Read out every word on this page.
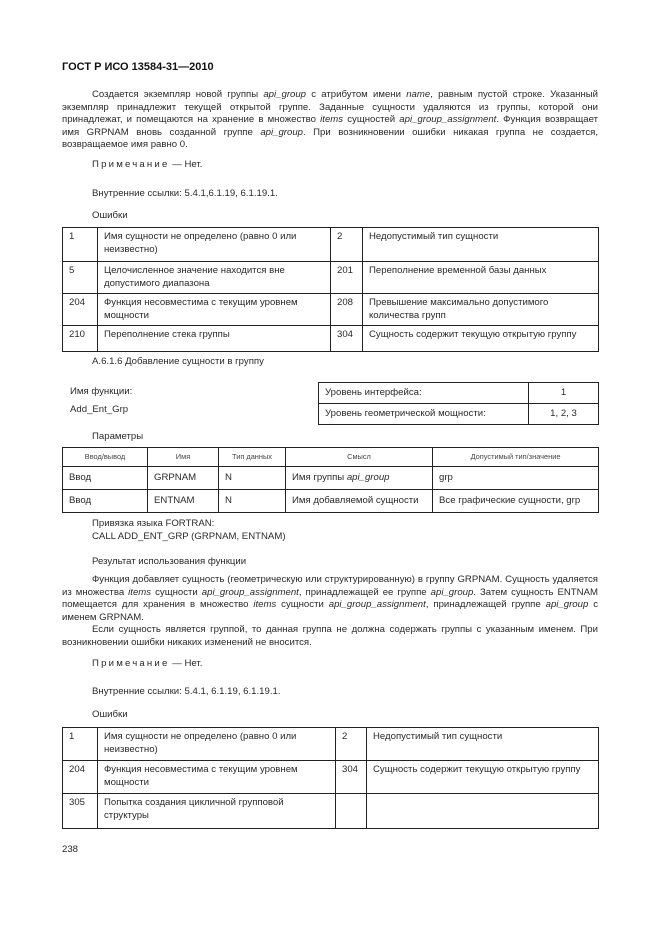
ГОСТ Р ИСО 13584-31—2010

Создается экземпляр новой группы api_group с атрибутом имени name, равным пустой строке. Указанный экземпляр принадлежит текущей открытой группе. Заданные сущности удаляются из группы, которой они принадлежат, и помещаются на хранение в множество items сущностей api_group_assignment. Функция возвращает имя GRPNAM вновь созданной группе api_group. При возникновении ошибки никакая группа не создается, возвращаемое имя равно 0.

Примечание — Нет.
Внутренние ссылки: 5.4.1,6.1.19, 6.1.19.1.
Ошибки
1	Имя сущности не определено (равно 0 или неизвестно)	2	Недопустимый тип сущности
5	Целочисленное значение находится вне допустимого диапазона	201	Переполнение временной базы данных
204	Функция несовместима с текущим уровнем мощности	208	Превышение максимально допустимого количества групп
210	Переполнение стека группы	304	Сущность содержит текущую открытую группу
А.6.1.6 Добавление сущности в группу
Имя функции:
Add_Ent_Grp
Уровень интерфейса:	1
Уровень геометрической мощности:	1, 2, 3
Параметры
Ввод/вывод	Имя	Тип данных	Смысл	Допустимый тип/значение
Ввод	GRPNAM	N	Имя группы api_group	grp
Ввод	ENTNAM	N	Имя добавляемой сущности	Все графические сущности, grp
Привязка языка FORTRAN:
CALL ADD_ENT_GRP (GRPNAM, ENTNAM)
Результат использования функции

Функция добавляет сущность (геометрическую или структурированную) в группу GRPNAM. Сущность удаляется из множества items сущности api_group_assignment, принадлежащей ее группе api_group. Затем сущность ENTNAM помещается для хранения в множество items сущности api_group_assignment, принадлежащей группе api_group с именем GRPNAM.

Если сущность является группой, то данная группа не должна содержать группы с указанным именем. При возникновении ошибки никаких изменений не вносится.

Примечание — Нет.
Внутренние ссылки: 5.4.1, 6.1.19, 6.1.19.1.
Ошибки
1	Имя сущности не определено (равно 0 или неизвестно)	2	Недопустимый тип сущности
204	Функция несовместима с текущим уровнем мощности	304	Сущность содержит текущую открытую группу
305	Попытка создания цикличной групповой структуры		
238
